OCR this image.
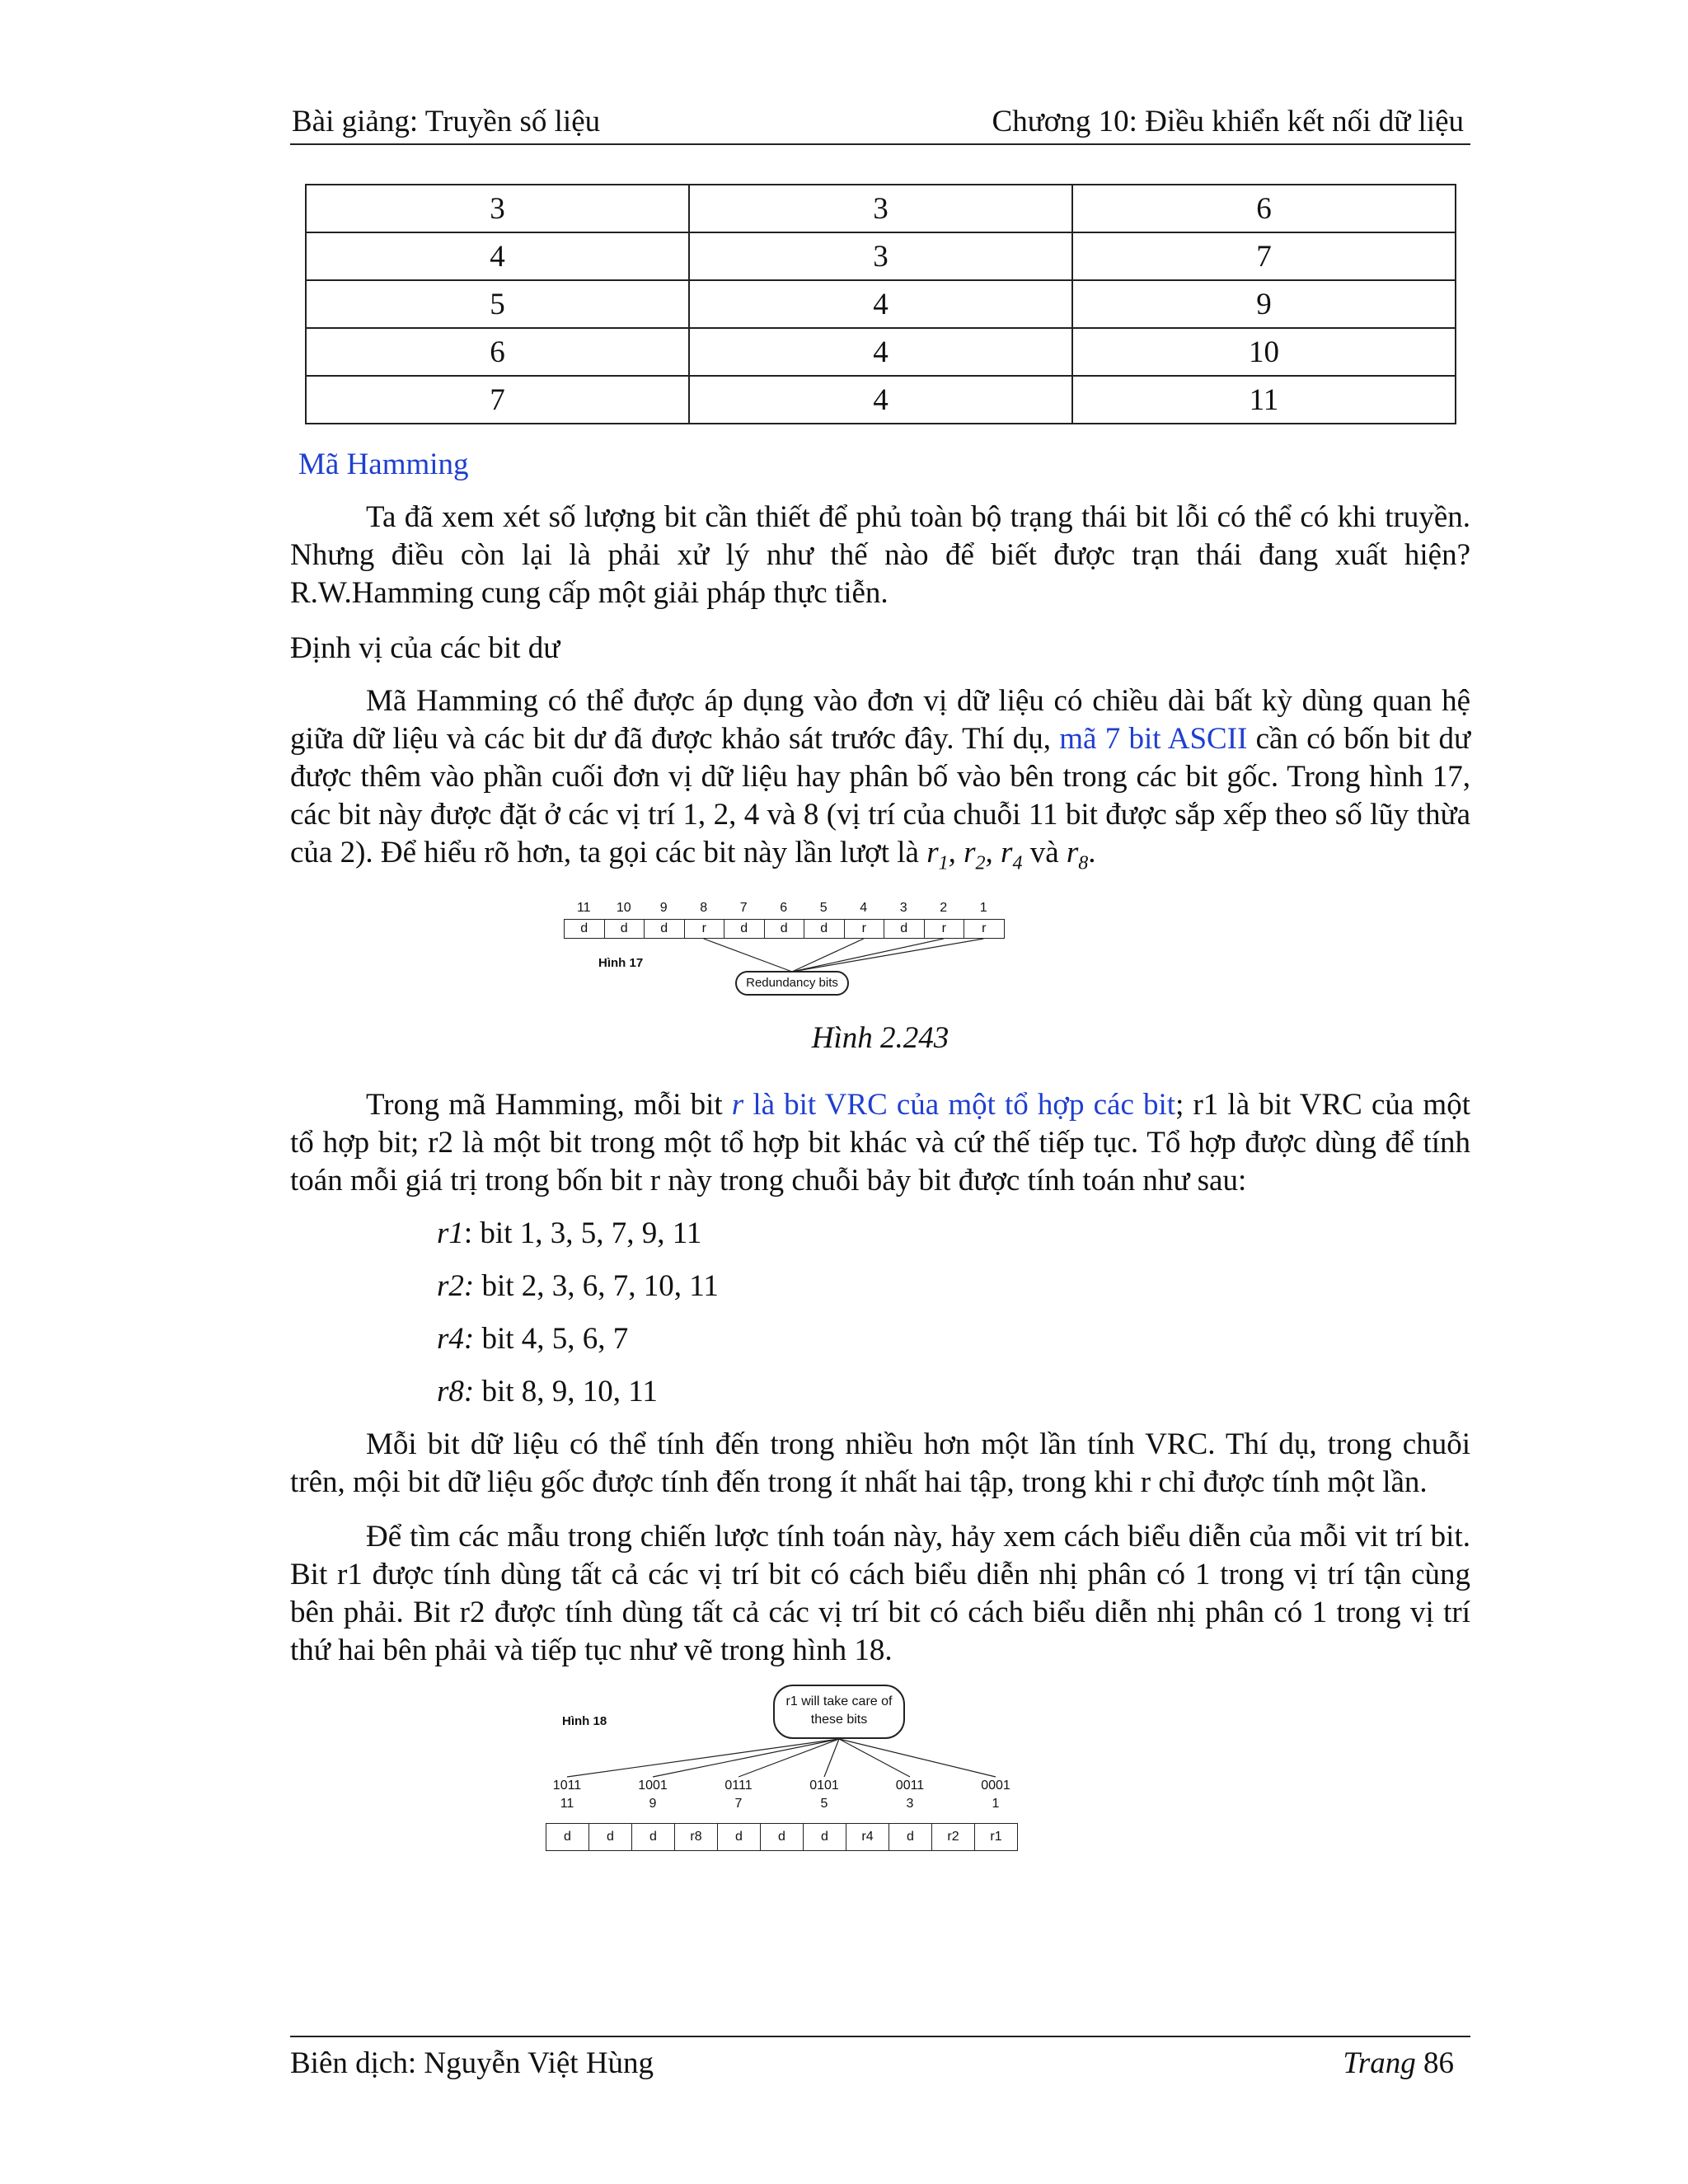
Bài giảng: Truyền số liệu	Chương 10: Điều khiển kết nối dữ liệu
3	3	6
4	3	7
5	4	9
6	4	10
7	4	11
Mã Hamming
Ta đã xem xét số lượng bit cần thiết để phủ toàn bộ trạng thái bit lỗi có thể có khi truyền. Nhưng điều còn lại là phải xử lý như thế nào để biết được trạn thái đang xuất hiện? R.W.Hamming cung cấp một giải pháp thực tiễn.
Định vị của các bit dư
Mã Hamming có thể được áp dụng vào đơn vị dữ liệu có chiều dài bất kỳ dùng quan hệ giữa dữ liệu và các bit dư đã được khảo sát trước đây. Thí dụ, mã 7 bit ASCII cần có bốn bit dư được thêm vào phần cuối đơn vị dữ liệu hay phân bố vào bên trong các bit gốc. Trong hình 17, các bit này được đặt ở các vị trí 1, 2, 4 và 8 (vị trí của chuỗi 11 bit được sắp xếp theo số lũy thừa của 2). Để hiểu rõ hơn, ta gọi các bit này lần lượt là $r_1$, $r_2$, $r_4$ và $r_8$.
11	10	9	8	7	6	5	4	3	2	1
d	d	d	r	d	d	d	r	d	r	r
Hình 17
Redundancy bits
Hình 2.243
Trong mã Hamming, mỗi bit r là bit VRC của một tổ hợp các bit; r1 là bit VRC của một tổ hợp bit; r2 là một bit trong một tổ hợp bit khác và cứ thế tiếp tục. Tổ hợp được dùng để tính toán mỗi giá trị trong bốn bit r này trong chuỗi bảy bit được tính toán như sau:
r1: bit 1, 3, 5, 7, 9, 11
r2: bit 2, 3, 6, 7, 10, 11
r4: bit 4, 5, 6, 7
r8: bit 8, 9, 10, 11
Mỗi bit dữ liệu có thể tính đến trong nhiều hơn một lần tính VRC. Thí dụ, trong chuỗi trên, mội bit dữ liệu gốc được tính đến trong ít nhất hai tập, trong khi r chỉ được tính một lần.
Để tìm các mẫu trong chiến lược tính toán này, hảy xem cách biểu diễn của mỗi vit trí bit. Bit r1 được tính dùng tất cả các vị trí bit có cách biểu diễn nhị phân có 1 trong vị trí tận cùng bên phải. Bit r2 được tính dùng tất cả các vị trí bit có cách biểu diễn nhị phân có 1 trong vị trí thứ hai bên phải và tiếp tục như vẽ trong hình 18.
Hình 18
r1 will take care of these bits
1011
11
1001
9
0111
7
0101
5
0011
3
0001
1
d	d	d	r8	d	d	d	r4	d	r2	r1
Biên dịch: Nguyễn Việt Hùng	Trang 86
